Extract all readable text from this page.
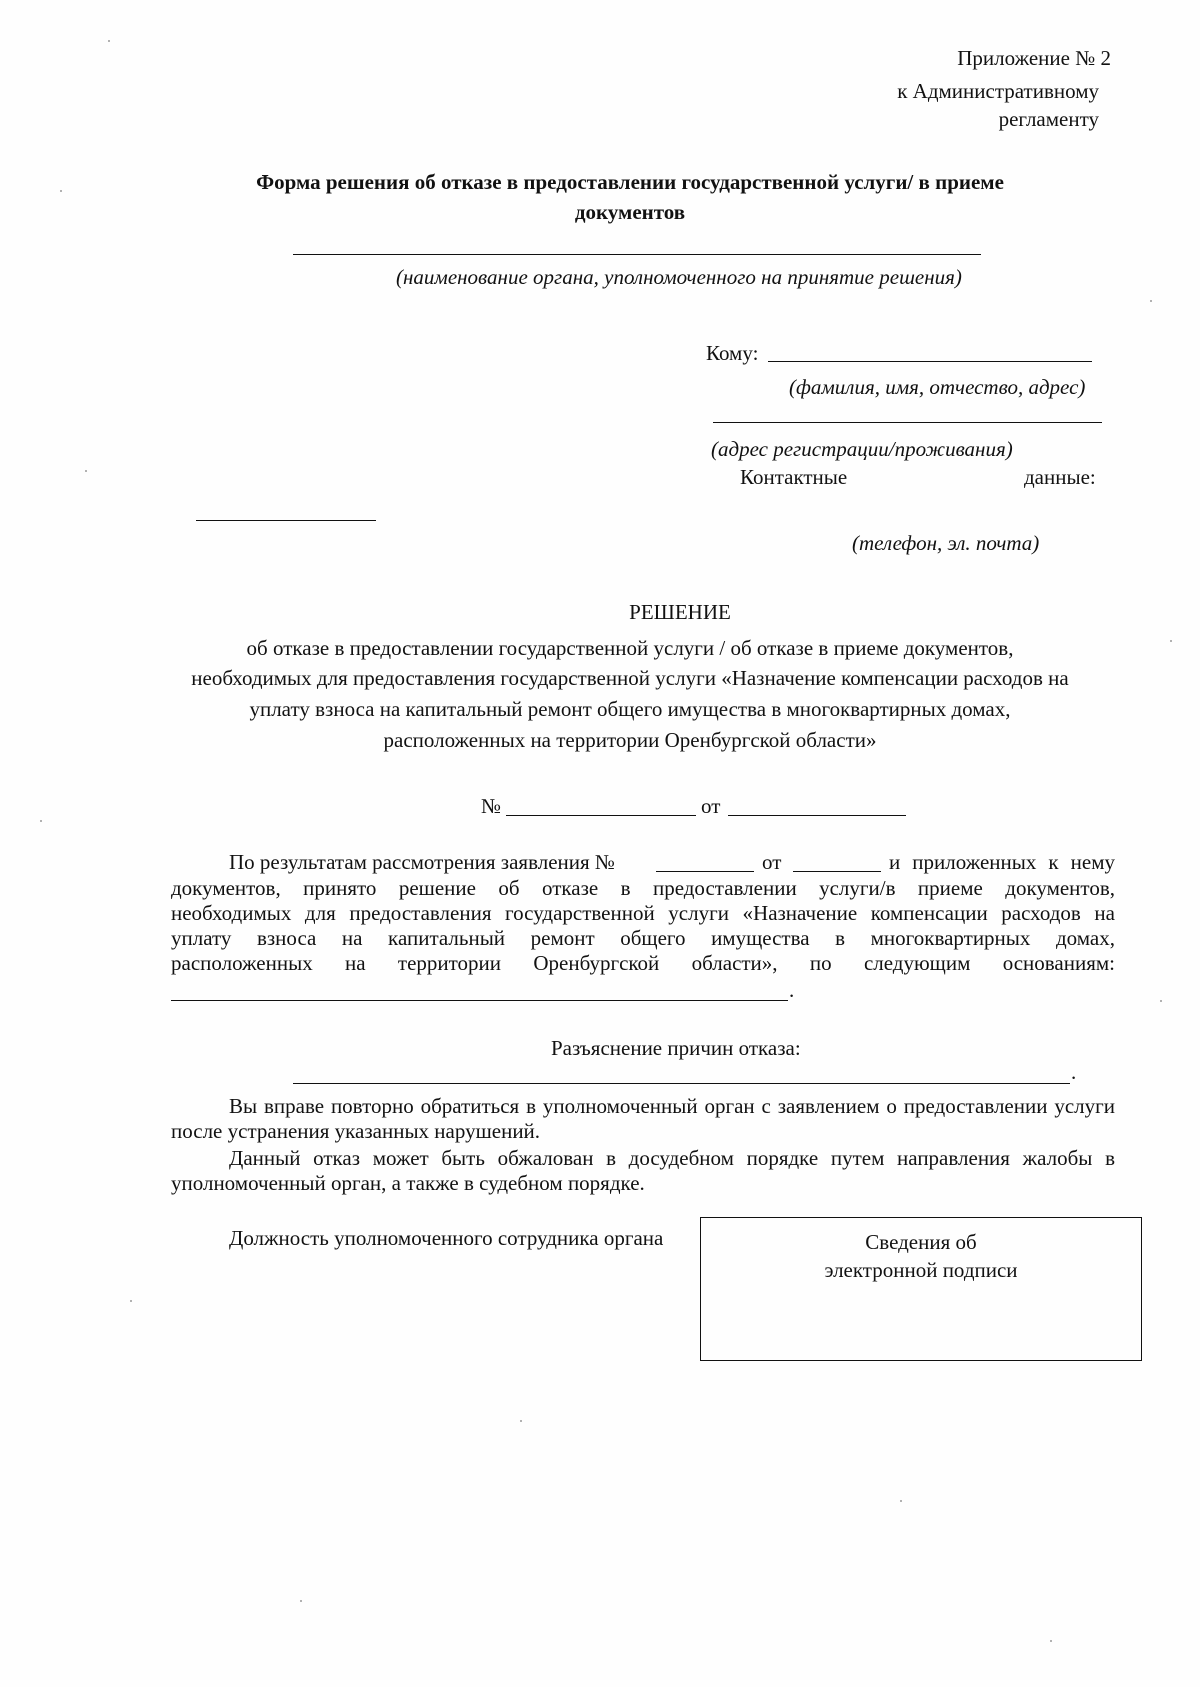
Приложение № 2
к Административному
регламенту
Форма решения об отказе в предоставлении государственной услуги/ в приеме
документов
(наименование органа, уполномоченного на принятие решения)
Кому:
(фамилия, имя, отчество, адрес)
(адрес регистрации/проживания)
Контактные	данные:
(телефон, эл. почта)
РЕШЕНИЕ
об отказе в предоставлении государственной услуги / об отказе в приеме документов,
необходимых для предоставления государственной услуги «Назначение компенсации расходов на
уплату взноса на капитальный ремонт общего имущества в многоквартирных домах,
расположенных на территории Оренбургской области»
№	от
По результатам рассмотрения заявления №	от	и приложенных к нему
документов, принято решение об отказе в предоставлении услуги/в приеме документов,
необходимых для предоставления государственной услуги «Назначение компенсации расходов на
уплату взноса на капитальный ремонт общего имущества в многоквартирных домах,
расположенных на территории Оренбургской области», по следующим основаниям:
.
Разъяснение причин отказа:
.
Вы вправе повторно обратиться в уполномоченный орган с заявлением о предоставлении услуги после устранения указанных нарушений.
Данный отказ может быть обжалован в досудебном порядке путем направления жалобы в уполномоченный орган, а также в судебном порядке.
Должность уполномоченного сотрудника органа	Сведения об
электронной подписи
